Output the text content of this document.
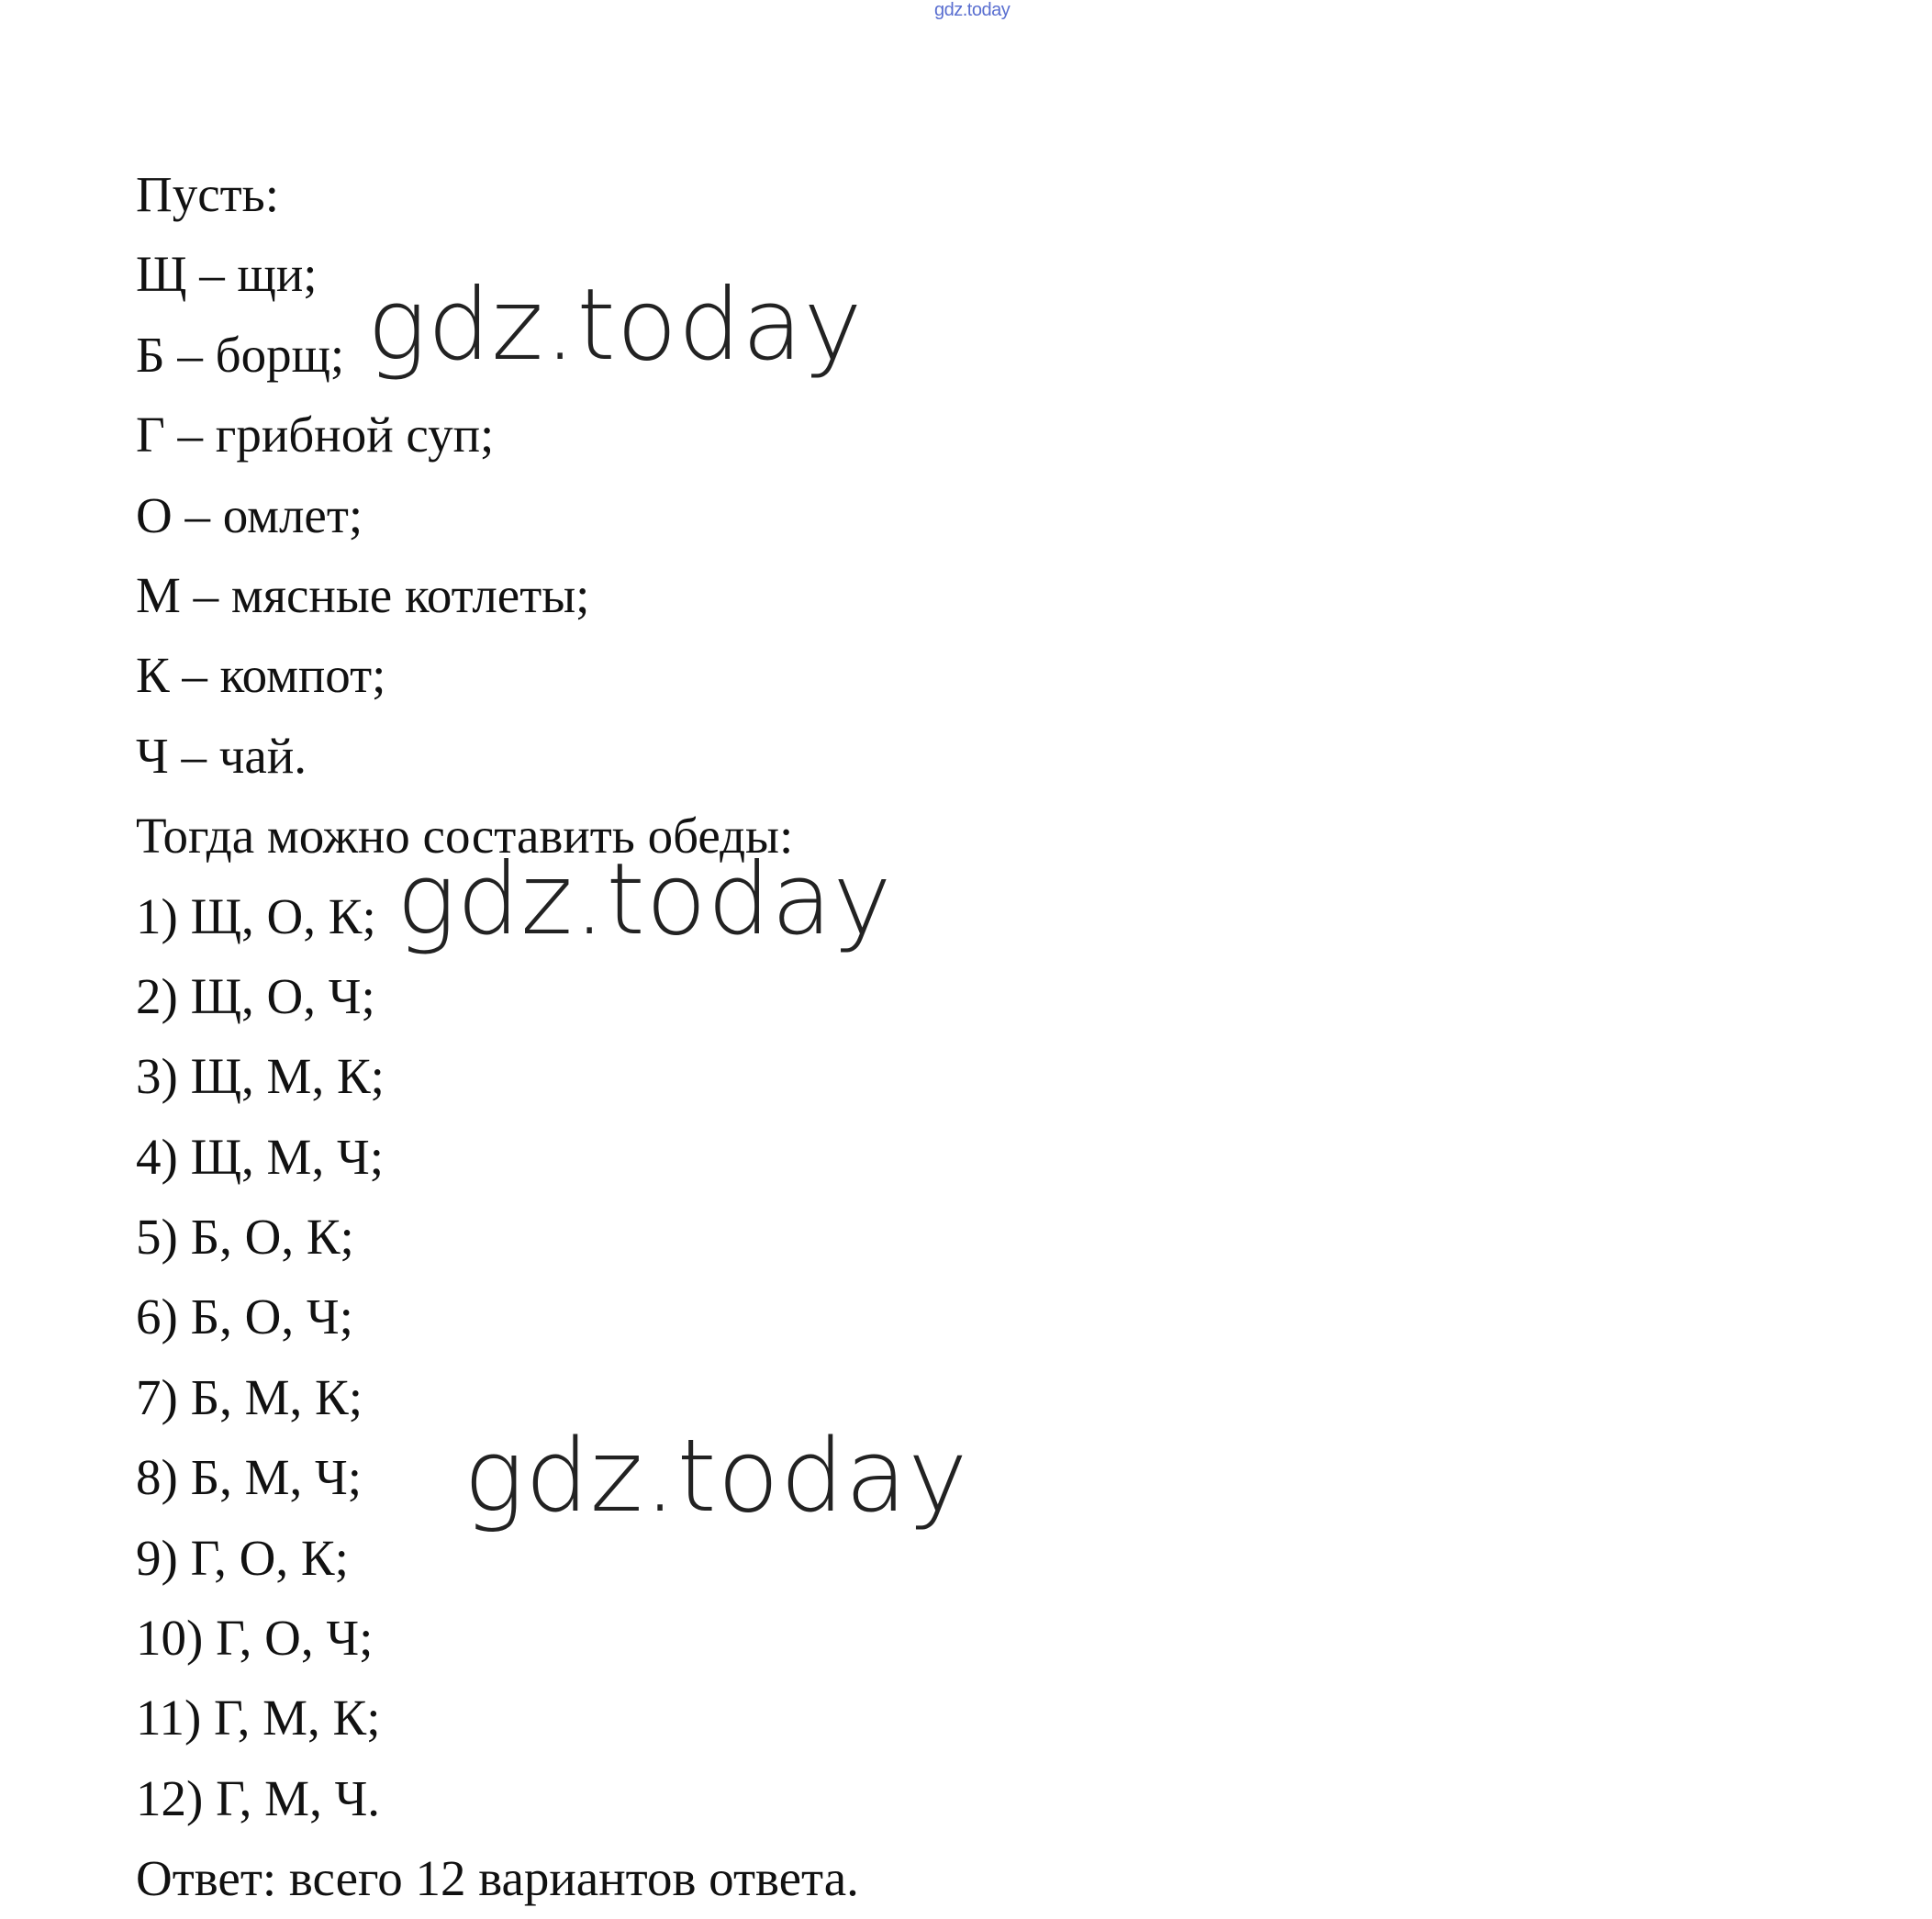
gdz.today
Пусть:
Щ – щи;
Б – борщ;
Г – грибной суп;
О – омлет;
М – мясные котлеты;
К – компот;
Ч – чай.
Тогда можно составить обеды:
1) Щ, О, К;
2) Щ, О, Ч;
3) Щ, М, К;
4) Щ, М, Ч;
5) Б, О, К;
6) Б, О, Ч;
7) Б, М, К;
8) Б, М, Ч;
9) Г, О, К;
10) Г, О, Ч;
11) Г, М, К;
12) Г, М, Ч.
Ответ: всего 12 вариантов ответа.
gdz.today
gdz.today
gdz.today
